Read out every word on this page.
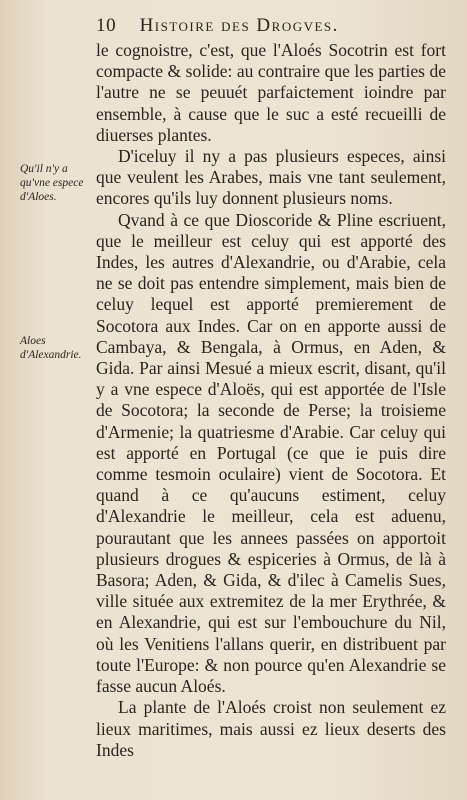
10 Histoire des Drogves.
Qu'il n'y a qu'vne espece d'Aloes.
Aloes d'Alexandrie.

le cognoistre, c'est, que l'Aloés Socotrin est fort compacte & solide: au contraire que les parties de l'autre ne se peuuét parfaictement ioindre par ensemble, à cause que le suc a esté recueilli de diuerses plantes.

D'iceluy il ny a pas plusieurs especes, ainsi que veulent les Arabes, mais vne tant seulement, encores qu'ils luy donnent plusieurs noms.

Qvand à ce que Dioscoride & Pline escriuent, que le meilleur est celuy qui est apporté des Indes, les autres d'Alexandrie, ou d'Arabie, cela ne se doit pas entendre simplement, mais bien de celuy lequel est apporté premierement de Socotora aux Indes. Car on en apporte aussi de Cambaya, & Bengala, à Ormus, en Aden, & Gida. Par ainsi Mesué a mieux escrit, disant, qu'il y a vne espece d'Aloës, qui est apportée de l'Isle de Socotora; la seconde de Perse; la troisieme d'Armenie; la quatriesme d'Arabie. Car celuy qui est apporté en Portugal (ce que ie puis dire comme tesmoin oculaire) vient de Socotora. Et quand à ce qu'aucuns estiment, celuy d'Alexandrie le meilleur, cela est aduenu, pourautant que les annees passées on apportoit plusieurs drogues & espiceries à Ormus, de là à Basora; Aden, & Gida, & d'ilec à Camelis Sues, ville située aux extremitez de la mer Erythrée, & en Alexandrie, qui est sur l'embouchure du Nil, où les Venitiens l'allans querir, en distribuent par toute l'Europe: & non pource qu'en Alexandrie se fasse aucun Aloés.

La plante de l'Aloés croist non seulement ez lieux maritimes, mais aussi ez lieux deserts des Indes
